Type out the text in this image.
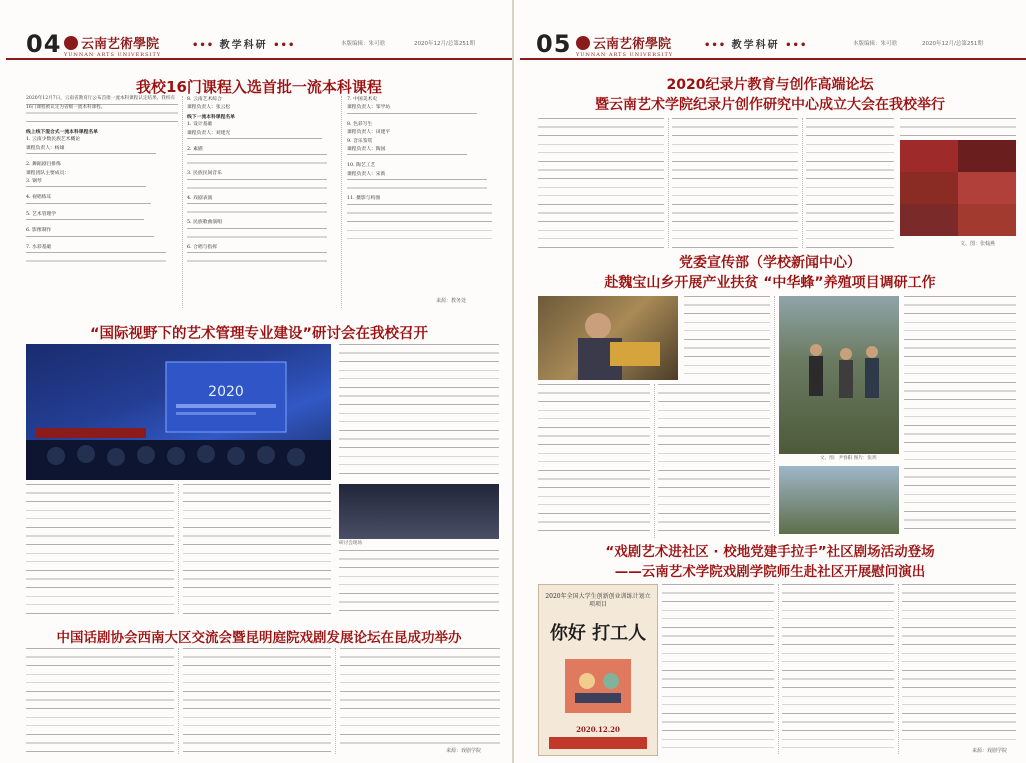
04	云南艺術學院
YUNNAN ARTS UNIVERSITY
••• 教学科研 •••	本版编辑：朱可晗	2020年12月/总第251期
我校16门课程入选首批一流本科课程
2020年12月7日，云南省教育厅公布首批一流本科课程认定结果，我校有16门课程被认定为省级一流本科课程。
线上线下混合式一流本科课程名单
1. 云南少数民族艺术概论
课程负责人：杨雄
2. 舞蹈剧目排练
课程团队主要成员：
3. 钢琴
4. 视唱练耳
5. 艺术管理学
6. 影像制作
7. 水彩基础
8. 云南艺术综合
课程负责人：张云松
线下一流本科课程名单
1. 设计基础
课程负责人：刘建光
2. 素描
3. 民族民间音乐
4. 戏剧表演
5. 民族歌曲演唱
6. 合唱与指挥
7. 中国美术史
课程负责人：邹学坊
8. 色彩写生
课程负责人：田建平
9. 音乐鉴赏
课程负责人：陶国
10. 陶艺工艺
课程负责人：宋新
11. 摄影与构图
来源：教务处
“国际视野下的艺术管理专业建设”研讨会在我校召开
2020
研讨会现场
中国话剧协会西南大区交流会暨昆明庭院戏剧发展论坛在昆成功举办
来源：戏剧学院
05	云南艺術學院
YUNNAN ARTS UNIVERSITY
••• 教学科研 •••	本版编辑：朱可晗	2020年12月/总第251期
2020纪录片教育与创作高端论坛
暨云南艺术学院纪录片创作研究中心成立大会在我校举行
文、图：张翰燕
党委宣传部（学校新闻中心）
赴魏宝山乡开展产业扶贫 “中华蜂”养殖项目调研工作
文、图：尹春阳 图片：张玥
“戏剧艺术进社区 · 校地党建手拉手”社区剧场活动登场
——云南艺术学院戏剧学院师生赴社区开展慰问演出
2020年全国大学生创新创业训练计划立项项目
你好 打工人
2020.12.20
来源：戏剧学院
